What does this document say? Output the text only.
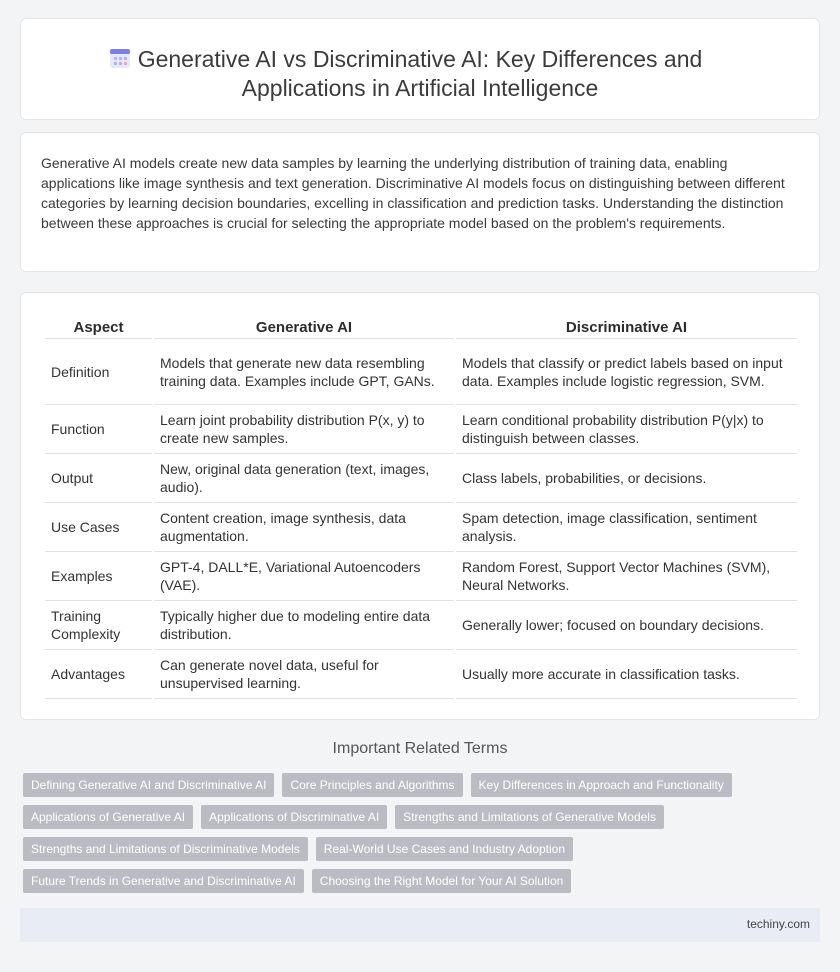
Generative AI vs Discriminative AI: Key Differences and Applications in Artificial Intelligence

Generative AI models create new data samples by learning the underlying distribution of training data, enabling applications like image synthesis and text generation. Discriminative AI models focus on distinguishing between different categories by learning decision boundaries, excelling in classification and prediction tasks. Understanding the distinction between these approaches is crucial for selecting the appropriate model based on the problem's requirements.

Aspect	Generative AI	Discriminative AI
Definition	Models that generate new data resembling training data. Examples include GPT, GANs.	Models that classify or predict labels based on input data. Examples include logistic regression, SVM.
Function	Learn joint probability distribution P(x, y) to create new samples.	Learn conditional probability distribution P(y|x) to distinguish between classes.
Output	New, original data generation (text, images, audio).	Class labels, probabilities, or decisions.
Use Cases	Content creation, image synthesis, data augmentation.	Spam detection, image classification, sentiment analysis.
Examples	GPT-4, DALL*E, Variational Autoencoders (VAE).	Random Forest, Support Vector Machines (SVM), Neural Networks.
Training Complexity	Typically higher due to modeling entire data distribution.	Generally lower; focused on boundary decisions.
Advantages	Can generate novel data, useful for unsupervised learning.	Usually more accurate in classification tasks.
Important Related Terms
Defining Generative AI and Discriminative AI	Core Principles and Algorithms	Key Differences in Approach and Functionality
Applications of Generative AI	Applications of Discriminative AI	Strengths and Limitations of Generative Models
Strengths and Limitations of Discriminative Models	Real-World Use Cases and Industry Adoption
Future Trends in Generative and Discriminative AI	Choosing the Right Model for Your AI Solution
techiny.com
